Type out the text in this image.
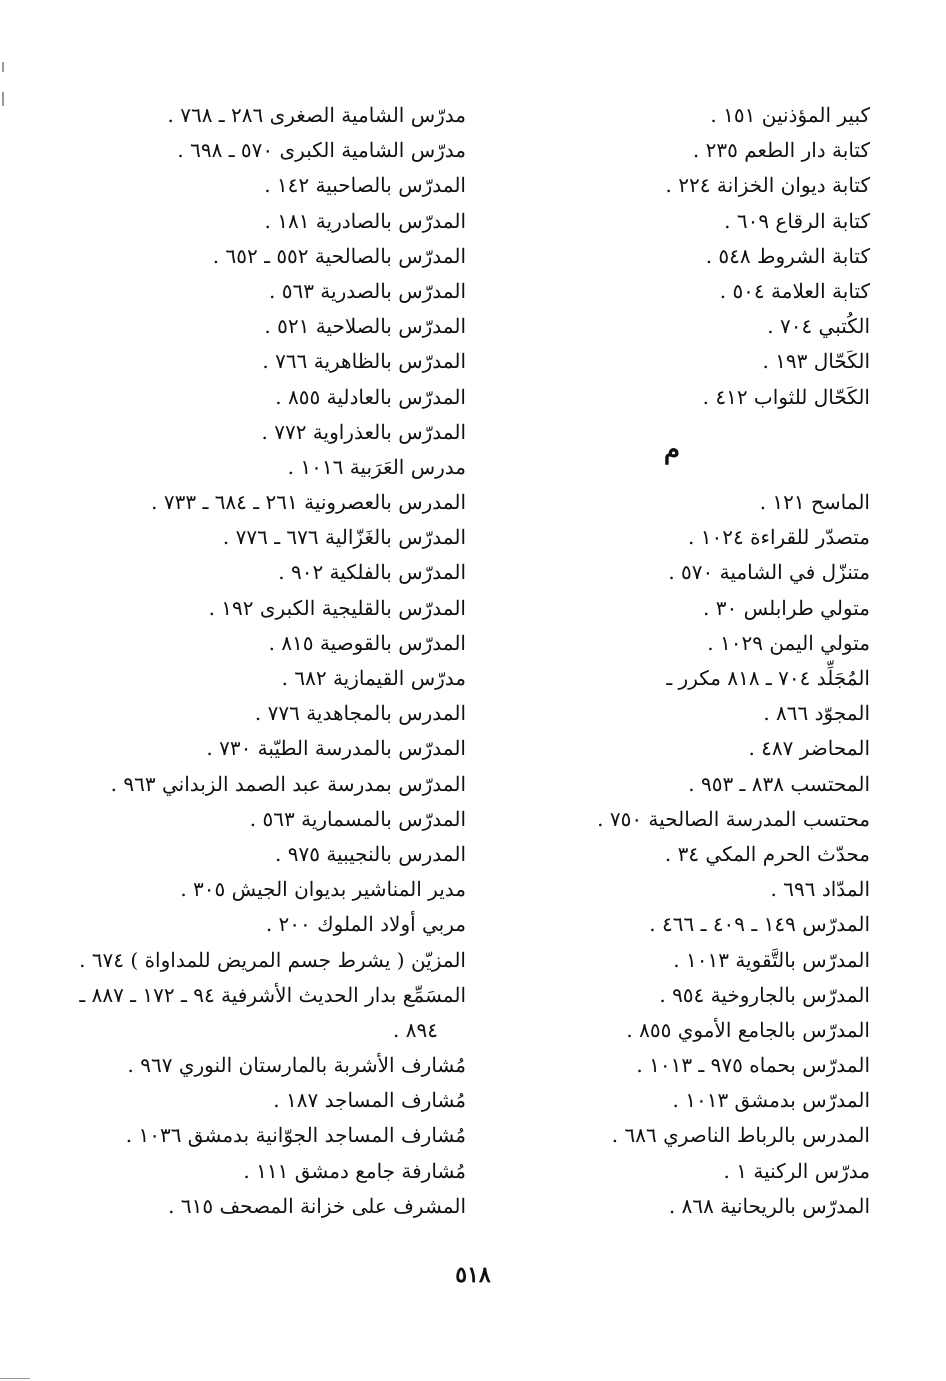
كبير المؤذنين ١٥١ .
كتابة دار الطعم ٢٣٥ .
كتابة ديوان الخزانة ٢٢٤ .
كتابة الرقاع ٦٠٩ .
كتابة الشروط ٥٤٨ .
كتابة العلامة ٥٠٤ .
الكُتبي ٧٠٤ .
الكَحّال ١٩٣ .
الكَحّال للثواب ٤١٢ .
م
الماسح ١٢١ .
متصدّر للقراءة ١٠٢٤ .
متنزّل في الشامية ٥٧٠ .
متولي طرابلس ٣٠ .
متولي اليمن ١٠٢٩ .
المُجَلِّد ٧٠٤ ـ ٨١٨ مكرر ـ
المجوّد ٨٦٦ .
المحاضر ٤٨٧ .
المحتسب ٨٣٨ ـ ٩٥٣ .
محتسب المدرسة الصالحية ٧٥٠ .
محدّث الحرم المكي ٣٤ .
المدّاد ٦٩٦ .
المدرّس ١٤٩ ـ ٤٠٩ ـ ٤٦٦ .
المدرّس بالتَّقوية ١٠١٣ .
المدرّس بالجاروخية ٩٥٤ .
المدرّس بالجامع الأموي ٨٥٥ .
المدرّس بحماه ٩٧٥ ـ ١٠١٣ .
المدرّس بدمشق ١٠١٣ .
المدرس بالرباط الناصري ٦٨٦ .
مدرّس الركنية ١ .
المدرّس بالريحانية ٨٦٨ .
مدرّس الشامية الصغرى ٢٨٦ ـ ٧٦٨ .
مدرّس الشامية الكبرى ٥٧٠ ـ ٦٩٨ .
المدرّس بالصاحبية ١٤٢ .
المدرّس بالصادرية ١٨١ .
المدرّس بالصالحية ٥٥٢ ـ ٦٥٢ .
المدرّس بالصدرية ٥٦٣ .
المدرّس بالصلاحية ٥٢١ .
المدرّس بالظاهرية ٧٦٦ .
المدرّس بالعادلية ٨٥٥ .
المدرّس بالعذراوية ٧٧٢ .
مدرس العَرَبية ١٠١٦ .
المدرس بالعصرونية ٢٦١ ـ ٦٨٤ ـ ٧٣٣ .
المدرّس بالغَزّالية ٦٧٦ ـ ٧٧٦ .
المدرّس بالفلكية ٩٠٢ .
المدرّس بالقليجية الكبرى ١٩٢ .
المدرّس بالقوصية ٨١٥ .
مدرّس القيمازية ٦٨٢ .
المدرس بالمجاهدية ٧٧٦ .
المدرّس بالمدرسة الطيّبة ٧٣٠ .
المدرّس بمدرسة عبد الصمد الزبداني ٩٦٣ .
المدرّس بالمسمارية ٥٦٣ .
المدرس بالنجيبية ٩٧٥ .
مدير المناشير بديوان الجيش ٣٠٥ .
مربي أولاد الملوك ٢٠٠ .
المزيّن ( يشرط جسم المريض للمداواة ) ٦٧٤ .
المسَمِّع بدار الحديث الأشرفية ٩٤ ـ ١٧٢ ـ ٨٨٧ ـ
٨٩٤ .
مُشارف الأشربة بالمارستان النوري ٩٦٧ .
مُشارف المساجد ١٨٧ .
مُشارف المساجد الجوّانية بدمشق ١٠٣٦ .
مُشارفة جامع دمشق ١١١ .
المشرف على خزانة المصحف ٦١٥ .
٥١٨
